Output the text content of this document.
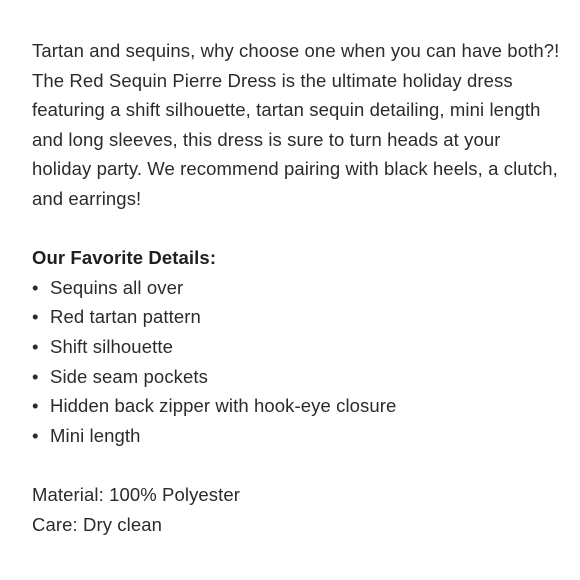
Tartan and sequins, why choose one when you can have both?! The Red Sequin Pierre Dress is the ultimate holiday dress featuring a shift silhouette, tartan sequin detailing, mini length and long sleeves, this dress is sure to turn heads at your holiday party. We recommend pairing with black heels, a clutch, and earrings!

Our Favorite Details:

• Sequins all over
• Red tartan pattern
• Shift silhouette
• Side seam pockets
• Hidden back zipper with hook-eye closure
• Mini length

Material: 100% Polyester

Care: Dry clean
